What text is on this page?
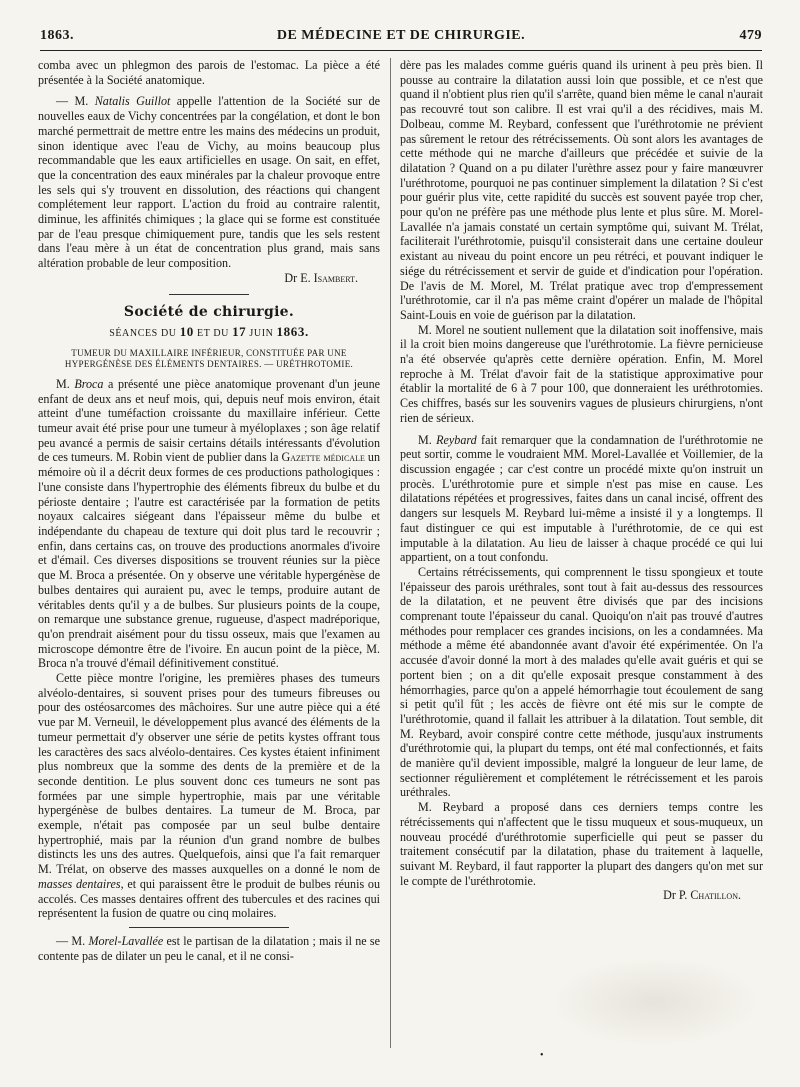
1863.	DE MÉDECINE ET DE CHIRURGIE.	479

comba avec un phlegmon des parois de l'estomac. La pièce a été présentée à la Société anatomique.

— M. Natalis Guillot appelle l'attention de la Société sur de nouvelles eaux de Vichy concentrées par la congélation, et dont le bon marché permettrait de mettre entre les mains des médecins un produit, sinon identique avec l'eau de Vichy, au moins beaucoup plus recommandable que les eaux artificielles en usage. On sait, en effet, que la concentration des eaux minérales par la chaleur provoque entre les sels qui s'y trouvent en dissolution, des réactions qui changent complétement leur rapport. L'action du froid au contraire ralentit, diminue, les affinités chimiques ; la glace qui se forme est constituée par de l'eau presque chimiquement pure, tandis que les sels restent dans l'eau mère à un état de concentration plus grand, mais sans altération probable de leur composition.

Dr E. Isambert.

Société de chirurgie.

SÉANCES DU 10 ET DU 17 JUIN 1863.

TUMEUR DU MAXILLAIRE INFÉRIEUR, CONSTITUÉE PAR UNE HYPERGÉNÈSE DES ÉLÉMENTS DENTAIRES. — URÉTHROTOMIE.

M. Broca a présenté une pièce anatomique provenant d'un jeune enfant de deux ans et neuf mois, qui, depuis neuf mois environ, était atteint d'une tuméfaction croissante du maxillaire inférieur. Cette tumeur avait été prise pour une tumeur à myéloplaxes ; son âge relatif peu avancé a permis de saisir certains détails intéressants d'évolution de ces tumeurs. M. Robin vient de publier dans la Gazette médicale un mémoire où il a décrit deux formes de ces productions pathologiques : l'une consiste dans l'hypertrophie des éléments fibreux du bulbe et du périoste dentaire ; l'autre est caractérisée par la formation de petits noyaux calcaires siégeant dans l'épaisseur même du bulbe et indépendante du chapeau de texture qui doit plus tard le recouvrir ; enfin, dans certains cas, on trouve des productions anormales d'ivoire et d'émail. Ces diverses dispositions se trouvent réunies sur la pièce que M. Broca a présentée. On y observe une véritable hypergénèse de bulbes dentaires qui auraient pu, avec le temps, produire autant de véritables dents qu'il y a de bulbes. Sur plusieurs points de la coupe, on remarque une substance grenue, rugueuse, d'aspect madréporique, qu'on prendrait aisément pour du tissu osseux, mais que l'examen au microscope démontre être de l'ivoire. En aucun point de la pièce, M. Broca n'a trouvé d'émail définitivement constitué.

Cette pièce montre l'origine, les premières phases des tumeurs alvéolo-dentaires, si souvent prises pour des tumeurs fibreuses ou pour des ostéosarcomes des mâchoires. Sur une autre pièce qui a été vue par M. Verneuil, le développement plus avancé des éléments de la tumeur permettait d'y observer une série de petits kystes offrant tous les caractères des sacs alvéolo-dentaires. Ces kystes étaient infiniment plus nombreux que la somme des dents de la première et de la seconde dentition. Le plus souvent donc ces tumeurs ne sont pas formées par une simple hypertrophie, mais par une véritable hypergénèse de bulbes dentaires. La tumeur de M. Broca, par exemple, n'était pas composée par un seul bulbe dentaire hypertrophié, mais par la réunion d'un grand nombre de bulbes distincts les uns des autres. Quelquefois, ainsi que l'a fait remarquer M. Trélat, on observe des masses auxquelles on a donné le nom de masses dentaires, et qui paraissent être le produit de bulbes réunis ou accolés. Ces masses dentaires offrent des tubercules et des racines qui représentent la fusion de quatre ou cinq molaires.

— M. Morel-Lavallée est le partisan de la dilatation ; mais il ne se contente pas de dilater un peu le canal, et il ne consi-

dère pas les malades comme guéris quand ils urinent à peu près bien. Il pousse au contraire la dilatation aussi loin que possible, et ce n'est que quand il n'obtient plus rien qu'il s'arrête, quand bien même le canal n'aurait pas recouvré tout son calibre. Il est vrai qu'il a des récidives, mais M. Dolbeau, comme M. Reybard, confessent que l'uréthrotomie ne prévient pas sûrement le retour des rétrécissements. Où sont alors les avantages de cette méthode qui ne marche d'ailleurs que précédée et suivie de la dilatation ? Quand on a pu dilater l'urèthre assez pour y faire manœuvrer l'uréthrotome, pourquoi ne pas continuer simplement la dilatation ? Si c'est pour guérir plus vite, cette rapidité du succès est souvent payée trop cher, pour qu'on ne préfère pas une méthode plus lente et plus sûre. M. Morel-Lavallée n'a jamais constaté un certain symptôme qui, suivant M. Trélat, faciliterait l'uréthrotomie, puisqu'il consisterait dans une certaine douleur existant au niveau du point encore un peu rétréci, et pouvant indiquer le siége du rétrécissement et servir de guide et d'indication pour l'opération. De l'avis de M. Morel, M. Trélat pratique avec trop d'empressement l'uréthrotomie, car il n'a pas même craint d'opérer un malade de l'hôpital Saint-Louis en voie de guérison par la dilatation.

M. Morel ne soutient nullement que la dilatation soit inoffensive, mais il la croit bien moins dangereuse que l'uréthrotomie. La fièvre pernicieuse n'a été observée qu'après cette dernière opération. Enfin, M. Morel reproche à M. Trélat d'avoir fait de la statistique approximative pour établir la mortalité de 6 à 7 pour 100, que donneraient les uréthrotomies. Ces chiffres, basés sur les souvenirs vagues de plusieurs chirurgiens, n'ont rien de sérieux.

M. Reybard fait remarquer que la condamnation de l'uréthrotomie ne peut sortir, comme le voudraient MM. Morel-Lavallée et Voillemier, de la discussion engagée ; car c'est contre un procédé mixte qu'on instruit un procès. L'uréthrotomie pure et simple n'est pas mise en cause. Les dilatations répétées et progressives, faites dans un canal incisé, offrent des dangers sur lesquels M. Reybard lui-même a insisté il y a longtemps. Il faut distinguer ce qui est imputable à l'uréthrotomie, de ce qui est imputable à la dilatation. Au lieu de laisser à chaque procédé ce qui lui appartient, on a tout confondu.

Certains rétrécissements, qui comprennent le tissu spongieux et toute l'épaisseur des parois uréthrales, sont tout à fait au-dessus des ressources de la dilatation, et ne peuvent être divisés que par des incisions comprenant toute l'épaisseur du canal. Quoiqu'on n'ait pas trouvé d'autres méthodes pour remplacer ces grandes incisions, on les a condamnées. Ma méthode a même été abandonnée avant d'avoir été expérimentée. On l'a accusée d'avoir donné la mort à des malades qu'elle avait guéris et qui se portent bien ; on a dit qu'elle exposait presque constamment à des hémorrhagies, parce qu'on a appelé hémorrhagie tout écoulement de sang si petit qu'il fût ; les accès de fièvre ont été mis sur le compte de l'uréthrotomie, quand il fallait les attribuer à la dilatation. Tout semble, dit M. Reybard, avoir conspiré contre cette méthode, jusqu'aux instruments d'uréthrotomie qui, la plupart du temps, ont été mal confectionnés, et faits de manière qu'il devient impossible, malgré la longueur de leur lame, de sectionner régulièrement et complétement le rétrécissement et les parois uréthrales.

M. Reybard a proposé dans ces derniers temps contre les rétrécissements qui n'affectent que le tissu muqueux et sous-muqueux, un nouveau procédé d'uréthrotomie superficielle qui peut se passer du traitement consécutif par la dilatation, phase du traitement à laquelle, suivant M. Reybard, il faut rapporter la plupart des dangers qu'on met sur le compte de l'uréthrotomie.

Dr P. Chatillon.

•
